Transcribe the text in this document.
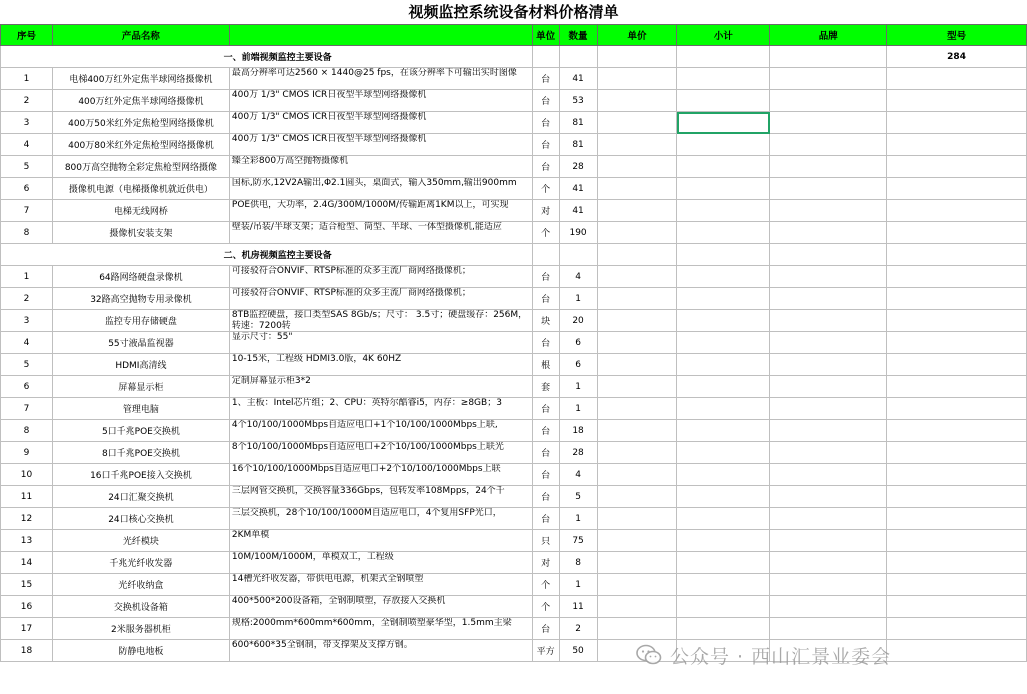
视频监控系统设备材料价格清单
序号	产品名称		单位	数量	单价	小计	品牌	型号
一、前端视频监控主要设备								284
1	电梯400万红外定焦半球网络摄像机	最高分辨率可达2560 × 1440@25 fps，在该分辨率下可输出实时图像	台	41				
2	400万红外定焦半球网络摄像机	400万 1/3" CMOS ICR日夜型半球型网络摄像机	台	53				
3	400万50米红外定焦枪型网络摄像机	400万 1/3" CMOS ICR日夜型半球型网络摄像机	台	81				
4	400万80米红外定焦枪型网络摄像机	400万 1/3" CMOS ICR日夜型半球型网络摄像机	台	81				
5	800万高空抛物全彩定焦枪型网络摄像	臻全彩800万高空抛物摄像机	台	28				
6	摄像机电源（电梯摄像机就近供电）	国标,防水,12V2A输出,Φ2.1圆头，桌面式，输入350mm,输出900mm	个	41				
7	电梯无线网桥	POE供电，大功率，2.4G/300M/1000M/传输距离1KM以上，可实现	对	41				
8	摄像机安装支架	壁装/吊装/半球支架；适合枪型、筒型、半球、一体型摄像机,能适应	个	190				
二、机房视频监控主要设备								
1	64路网络硬盘录像机	可接驳符合ONVIF、RTSP标准的众多主流厂商网络摄像机；	台	4				
2	32路高空抛物专用录像机	可接驳符合ONVIF、RTSP标准的众多主流厂商网络摄像机；	台	1				
3	监控专用存储硬盘	8TB监控硬盘，接口类型SAS 8Gb/s；尺寸： 3.5寸；硬盘缓存：256M，转速：7200转	块	20				
4	55寸液晶监视器	显示尺寸：55"	台	6				
5	HDMI高清线	10-15米，工程级 HDMI3.0版，4K 60HZ	根	6				
6	屏幕显示柜	定制屏幕显示柜3*2	套	1				
7	管理电脑	1、主板：Intel芯片组；2、CPU：英特尔酷睿i5，内存：≥8GB；3	台	1				
8	5口千兆POE交换机	4个10/100/1000Mbps自适应电口+1个10/100/1000Mbps上联,	台	18				
9	8口千兆POE交换机	8个10/100/1000Mbps自适应电口+2个10/100/1000Mbps上联光	台	28				
10	16口千兆POE接入交换机	16个10/100/1000Mbps自适应电口+2个10/100/1000Mbps上联	台	4				
11	24口汇聚交换机	三层网管交换机，交换容量336Gbps，包转发率108Mpps，24个千	台	5				
12	24口核心交换机	三层交换机，28个10/100/1000M自适应电口，4个复用SFP光口，	台	1				
13	光纤模块	2KM单模	只	75				
14	千兆光纤收发器	10M/100M/1000M，单模双工，工程级	对	8				
15	光纤收纳盒	14槽光纤收发器，带供电电源，机架式全钢喷塑	个	1				
16	交换机设备箱	400*500*200设备箱，全钢制喷塑，存放接入交换机	个	11				
17	2米服务器机柜	规格:2000mm*600mm*600mm，全钢制喷塑豪华型，1.5mm主梁	台	2				
18	防静电地板	600*600*35全钢制，带支撑架及支撑方钢。	平方	50					公众号 · 西山汇景业委会
